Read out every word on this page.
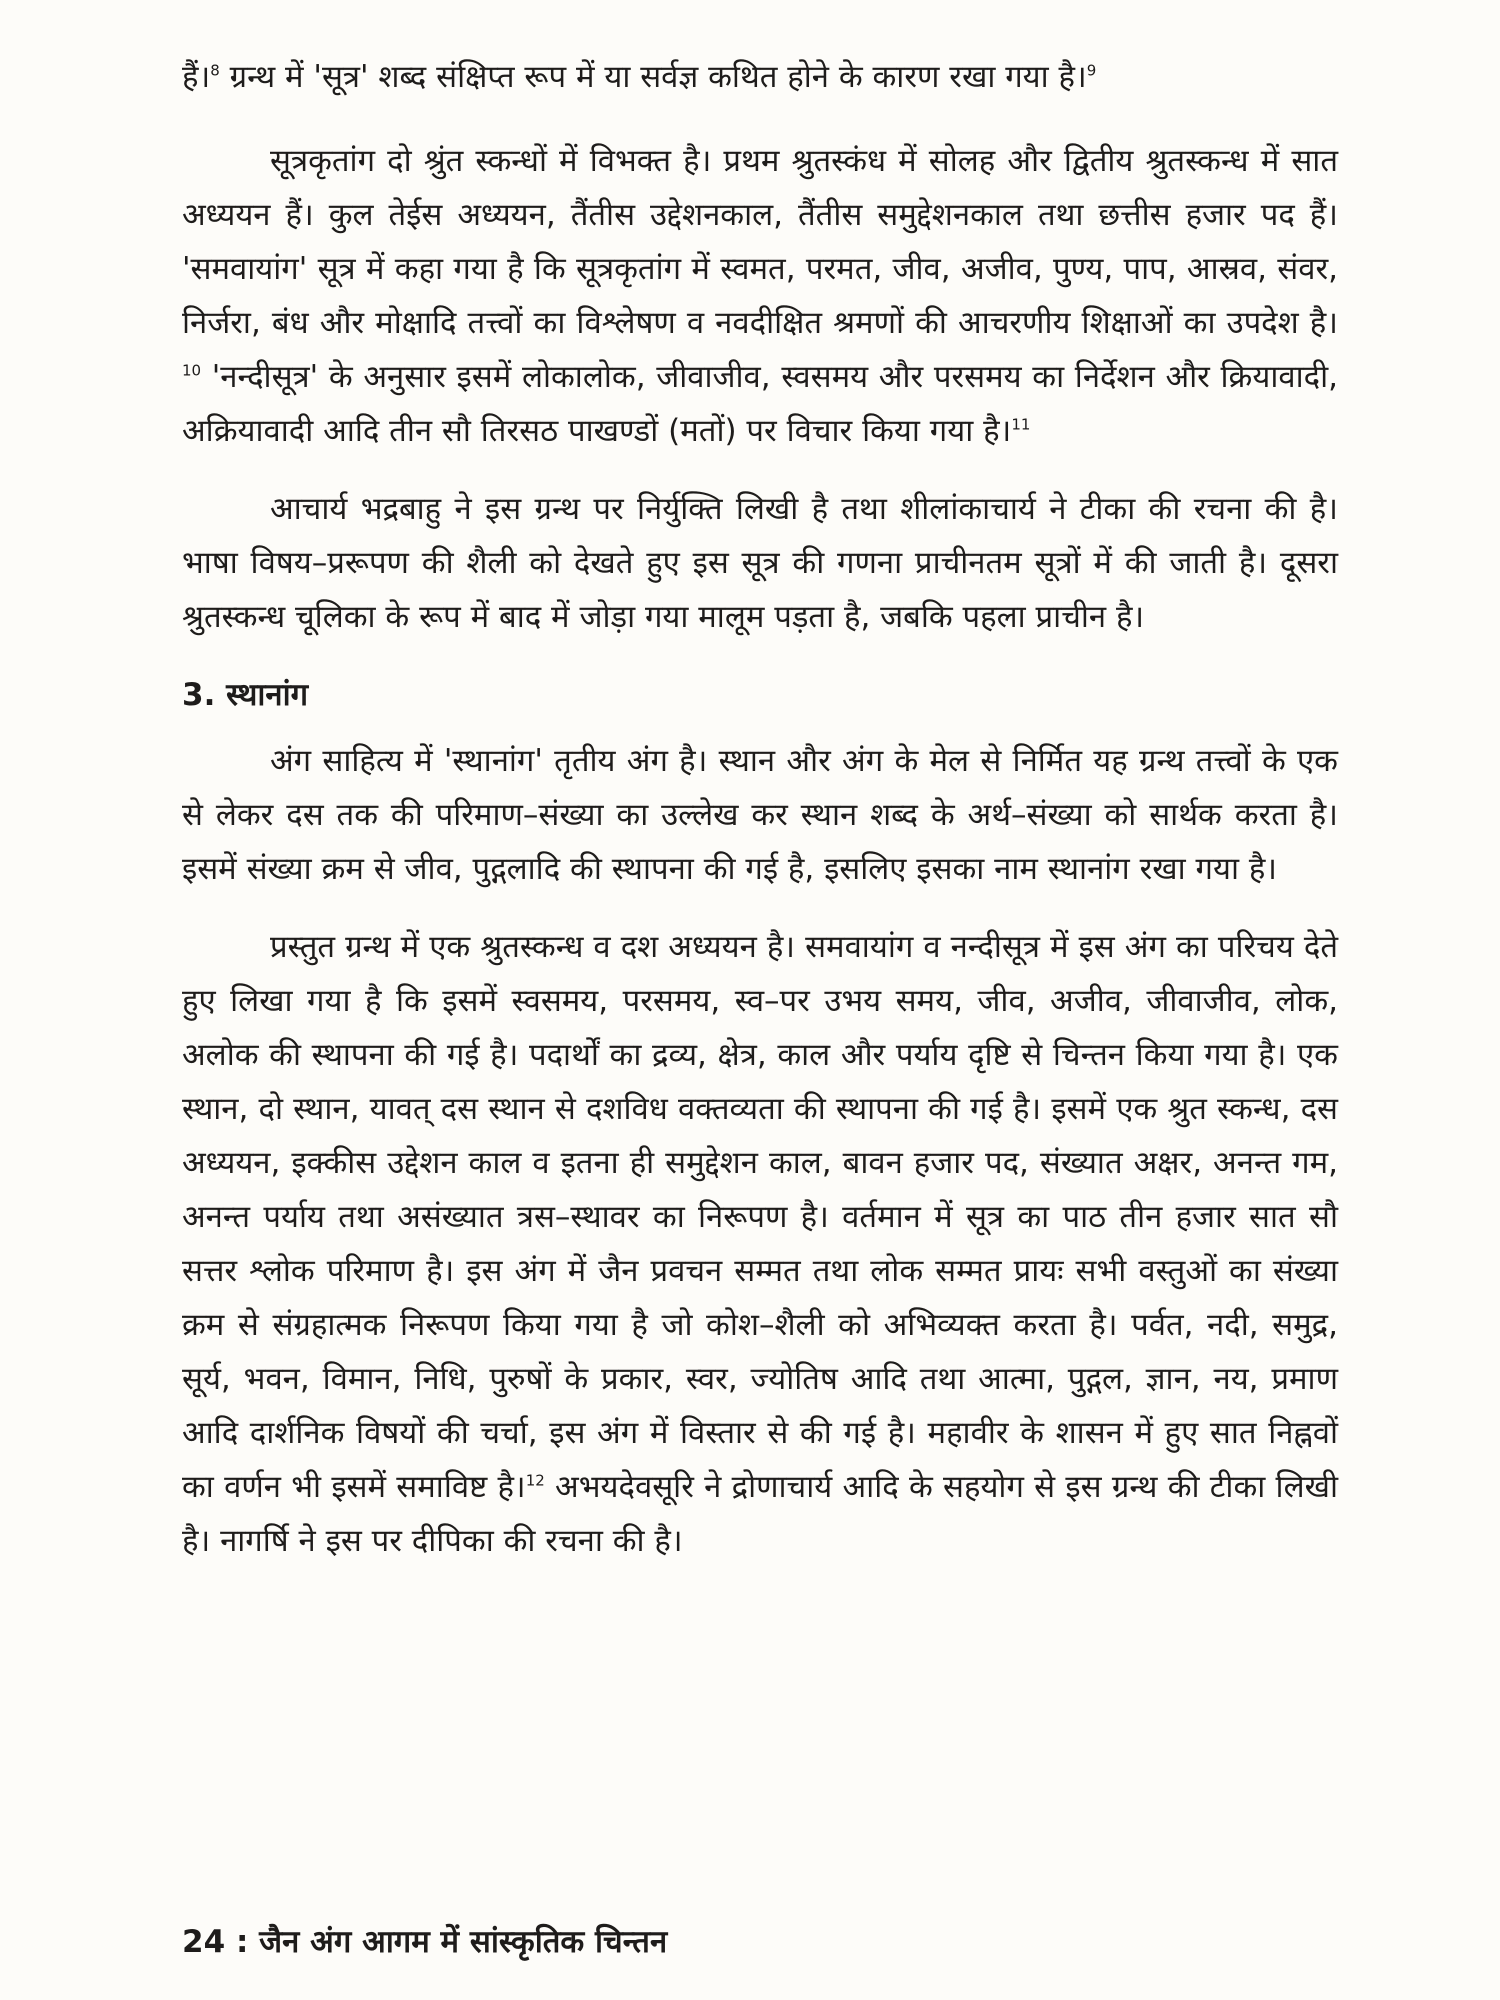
हैं।$^8$ ग्रन्थ में 'सूत्र' शब्द संक्षिप्त रूप में या सर्वज्ञ कथित होने के कारण रखा गया है।$^9$

सूत्रकृतांग दो श्रुंत स्कन्धों में विभक्त है। प्रथम श्रुतस्कंध में सोलह और द्वितीय श्रुतस्कन्ध में सात अध्ययन हैं। कुल तेईस अध्ययन, तैंतीस उद्देशनकाल, तैंतीस समुद्देशनकाल तथा छत्तीस हजार पद हैं। 'समवायांग' सूत्र में कहा गया है कि सूत्रकृतांग में स्वमत, परमत, जीव, अजीव, पुण्य, पाप, आस्रव, संवर, निर्जरा, बंध और मोक्षादि तत्त्वों का विश्लेषण व नवदीक्षित श्रमणों की आचरणीय शिक्षाओं का उपदेश है।$^{10}$ 'नन्दीसूत्र' के अनुसार इसमें लोकालोक, जीवाजीव, स्वसमय और परसमय का निर्देशन और क्रियावादी, अक्रियावादी आदि तीन सौ तिरसठ पाखण्डों (मतों) पर विचार किया गया है।$^{11}$

आचार्य भद्रबाहु ने इस ग्रन्थ पर निर्युक्ति लिखी है तथा शीलांकाचार्य ने टीका की रचना की है। भाषा विषय–प्ररूपण की शैली को देखते हुए इस सूत्र की गणना प्राचीनतम सूत्रों में की जाती है। दूसरा श्रुतस्कन्ध चूलिका के रूप में बाद में जोड़ा गया मालूम पड़ता है, जबकि पहला प्राचीन है।

3. स्थानांग

अंग साहित्य में 'स्थानांग' तृतीय अंग है। स्थान और अंग के मेल से निर्मित यह ग्रन्थ तत्त्वों के एक से लेकर दस तक की परिमाण–संख्या का उल्लेख कर स्थान शब्द के अर्थ–संख्या को सार्थक करता है। इसमें संख्या क्रम से जीव, पुद्गलादि की स्थापना की गई है, इसलिए इसका नाम स्थानांग रखा गया है।

प्रस्तुत ग्रन्थ में एक श्रुतस्कन्ध व दश अध्ययन है। समवायांग व नन्दीसूत्र में इस अंग का परिचय देते हुए लिखा गया है कि इसमें स्वसमय, परसमय, स्व–पर उभय समय, जीव, अजीव, जीवाजीव, लोक, अलोक की स्थापना की गई है। पदार्थों का द्रव्य, क्षेत्र, काल और पर्याय दृष्टि से चिन्तन किया गया है। एक स्थान, दो स्थान, यावत् दस स्थान से दशविध वक्तव्यता की स्थापना की गई है। इसमें एक श्रुत स्कन्ध, दस अध्ययन, इक्कीस उद्देशन काल व इतना ही समुद्देशन काल, बावन हजार पद, संख्यात अक्षर, अनन्त गम, अनन्त पर्याय तथा असंख्यात त्रस–स्थावर का निरूपण है। वर्तमान में सूत्र का पाठ तीन हजार सात सौ सत्तर श्लोक परिमाण है। इस अंग में जैन प्रवचन सम्मत तथा लोक सम्मत प्रायः सभी वस्तुओं का संख्या क्रम से संग्रहात्मक निरूपण किया गया है जो कोश–शैली को अभिव्यक्त करता है। पर्वत, नदी, समुद्र, सूर्य, भवन, विमान, निधि, पुरुषों के प्रकार, स्वर, ज्योतिष आदि तथा आत्मा, पुद्गल, ज्ञान, नय, प्रमाण आदि दार्शनिक विषयों की चर्चा, इस अंग में विस्तार से की गई है। महावीर के शासन में हुए सात निह्नवों का वर्णन भी इसमें समाविष्ट है।$^{12}$ अभयदेवसूरि ने द्रोणाचार्य आदि के सहयोग से इस ग्रन्थ की टीका लिखी है। नागर्षि ने इस पर दीपिका की रचना की है।

24 : जैन अंग आगम में सांस्कृतिक चिन्तन
